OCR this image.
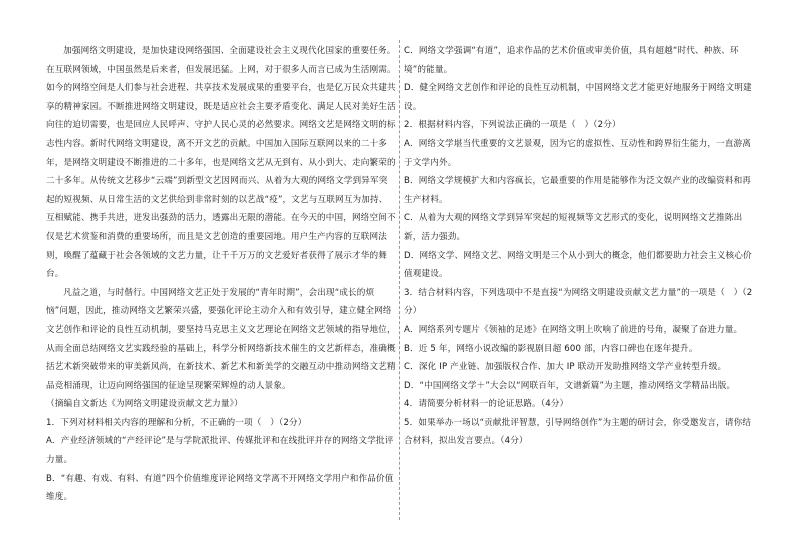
加强网络文明建设，是加快建设网络强国、全面建设社会主义现代化国家的重要任务。在互联网领域，中国虽然是后来者，但发展迅猛。上网，对于很多人而言已成为生活刚需。如今的网络空间是人们参与社会进程、共享技术发展成果的重要平台，也是亿万民众共建共享的精神家园。不断推进网络文明建设，既是适应社会主要矛盾变化、满足人民对美好生活向往的迫切需要，也是回应人民呼声、守护人民心灵的必然要求。网络文艺是网络文明的标志性内容。新时代网络文明建设，离不开文艺的贡献。中国加入国际互联网以来的二十多年，是网络文明建设不断推进的二十多年，也是网络文艺从无到有、从小到大、走向繁荣的二十多年。从传统文艺移步“云端”到新型文艺因网而兴、从着为大观的网络文学到异军突起的短视频、从日常生活的文艺供给到非常时刻的以艺战“疫”，文艺与互联网互为加持、互相赋能、携手共进，迸发出强劲的活力，透露出无限的潜能。在今天的中国，网络空间不仅是艺术赏鉴和消费的重要场所，而且是文艺创造的重要园地。用户生产内容的互联网法则，唤醒了蕴藏于社会各领域的文艺力量，让千千万万的文艺爱好者获得了展示才华的舞台。

凡益之道，与时偕行。中国网络文艺正处于发展的“青年时期”，会出现“成长的烦恼”问题，因此，推动网络文艺繁荣兴盛，要强化评论主动介入和有效引导，建立健全网络文艺创作和评论的良性互动机制，要坚持马克思主义文艺理论在网络文艺领域的指导地位，从而全面总结网络文艺实践经验的基础上，科学分析网络新技术催生的文艺新样态，准确概括艺术新突破带来的审美新风尚，在新技术、新艺术和新美学的交融互动中推动网络文艺精品竞相涌现，让迈向网络强国的征途呈现繁荣辉煌的动人景象。

（摘编自文新达《为网络文明建设贡献文艺力量》）

1．下列对材料相关内容的理解和分析，不正确的一项（　）（2分）

A．产业经济领域的“产经评论”是与学院派批评、传媒批评和在线批评并存的网络文学批评力量。

B．“有趣、有戏、有料、有道”四个价值维度评论网络文学离不开网络文学用户和作品价值维度。

C．网络文学强调“有道”，追求作品的艺术价值或审美价值，具有超越“时代、种族、环境”的能量。

D．健全网络文艺创作和评论的良性互动机制，中国网络文艺才能更好地服务于网络文明建设。

2．根据材料内容，下列说法正确的一项是（　）（2分）

A．网络文学堪当代重要的文艺景观，因为它的虚拟性、互动性和跨界衍生能力，一直游离于文学内外。

B．网络文学规模扩大和内容疯长，它最重要的作用是能够作为泛文娱产业的改编资料和再生产材料。

C．从着为大观的网络文学到异军突起的短视频等文艺形式的变化，说明网络文艺推陈出新，活力强劲。

D．网络文学、网络文艺、网络文明是三个从小到大的概念，他们都要助力社会主义核心价值观建设。

3．结合材料内容，下列选项中不是直接“为网络文明建设贡献文艺力量”的一项是（　）（2分）

A．网络系列专题片《领袖的足迹》在网络文明上吹响了前进的号角，凝聚了奋进力量。

B．近 5 年，网络小说改编的影视剧目超 600 部，内容口碑也在逐年提升。

C．深化 IP 产业链、加强版权合作、加大 IP 联动开发助推网络文学产业转型升级。

D．“中国网络文学＋”大会以“网联百年，文谱新篇”为主题，推动网络文学精品出版。

4．请简要分析材料一的论证思路。（4分）

5．如果举办一场以“贡献批评智慧，引导网络创作”为主题的研讨会，你受邀发言，请你结合材料，拟出发言要点。（4分）
